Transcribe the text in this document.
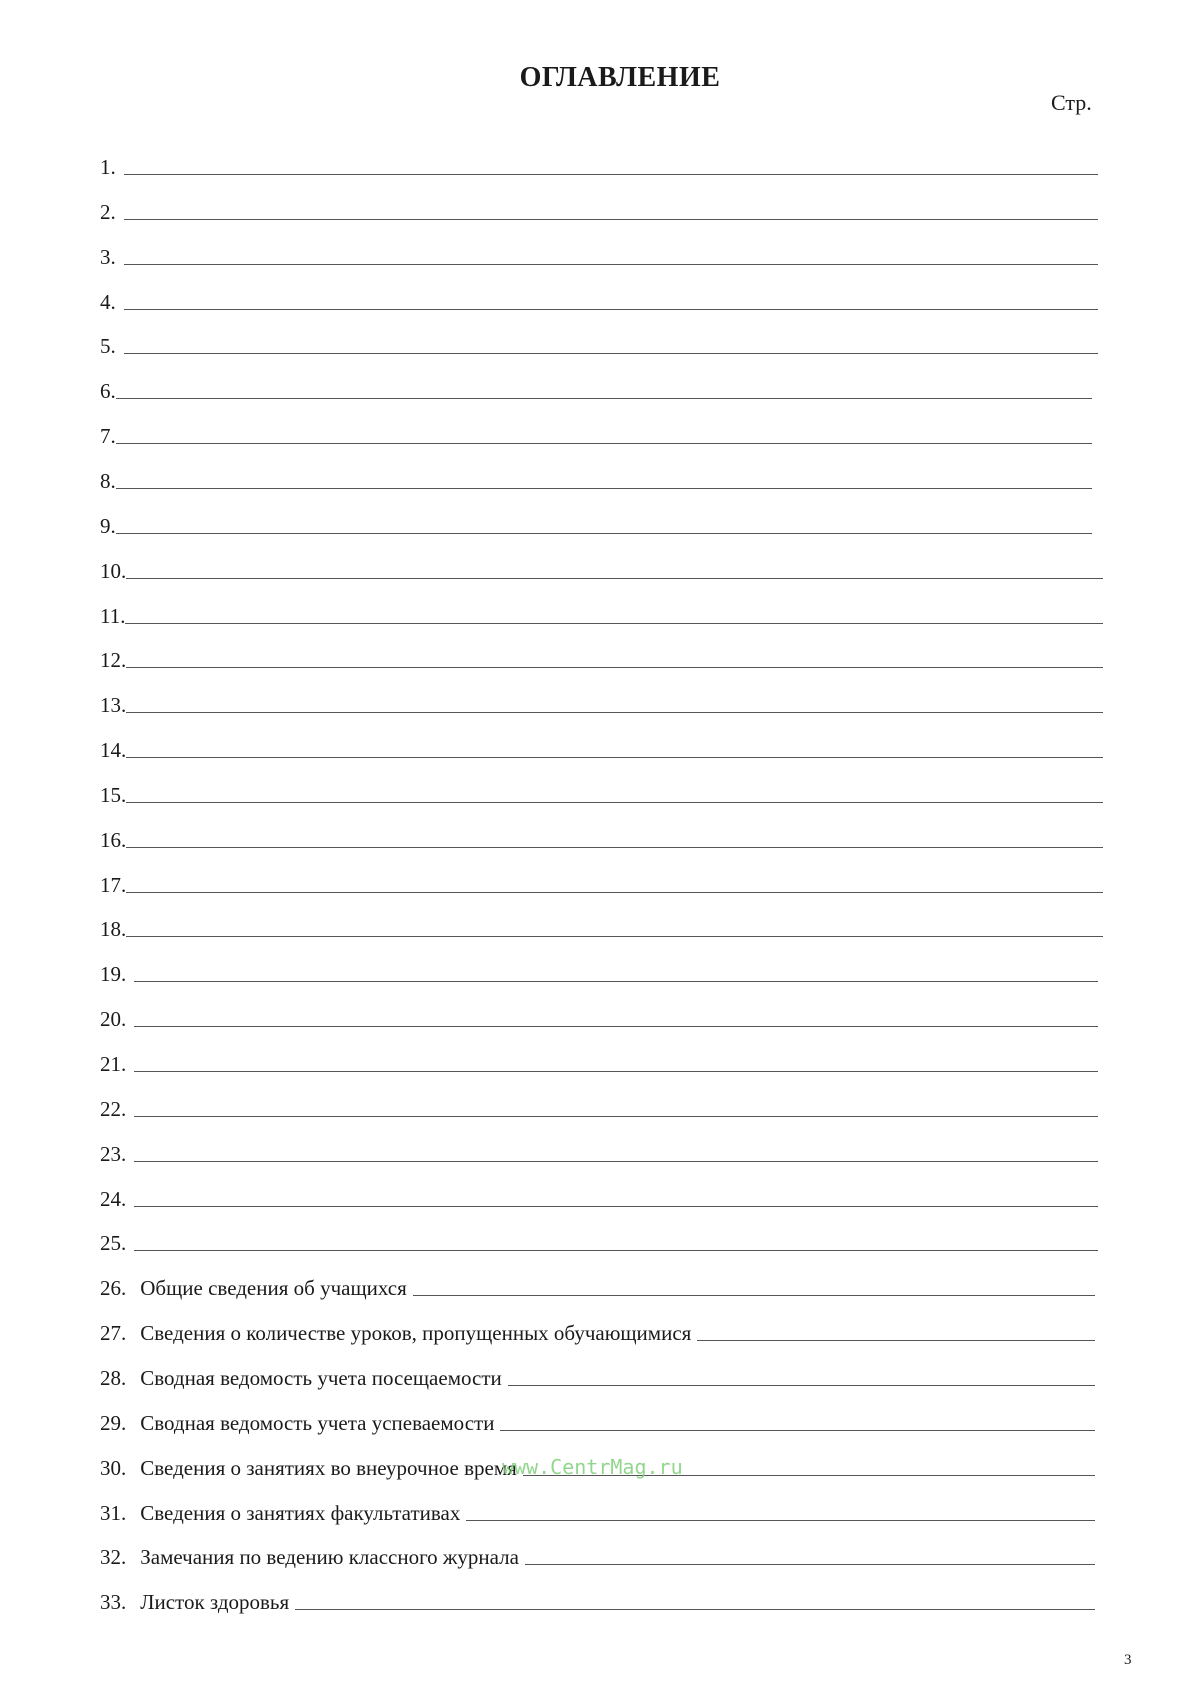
ОГЛАВЛЕНИЕ
Стр.
1.
2.
3.
4.
5.
6.
7.
8.
9.
10.
11.
12.
13.
14.
15.
16.
17.
18.
19.
20.
21.
22.
23.
24.
25.
26. Общие сведения об учащихся
27. Сведения о количестве уроков, пропущенных обучающимися
28. Сводная ведомость учета посещаемости
29. Сводная ведомость учета успеваемости
30. Сведения о занятиях во внеурочное время
31. Сведения о занятиях факультативах
32. Замечания по ведению классного журнала
33. Листок здоровья
www.CentrMag.ru
3
